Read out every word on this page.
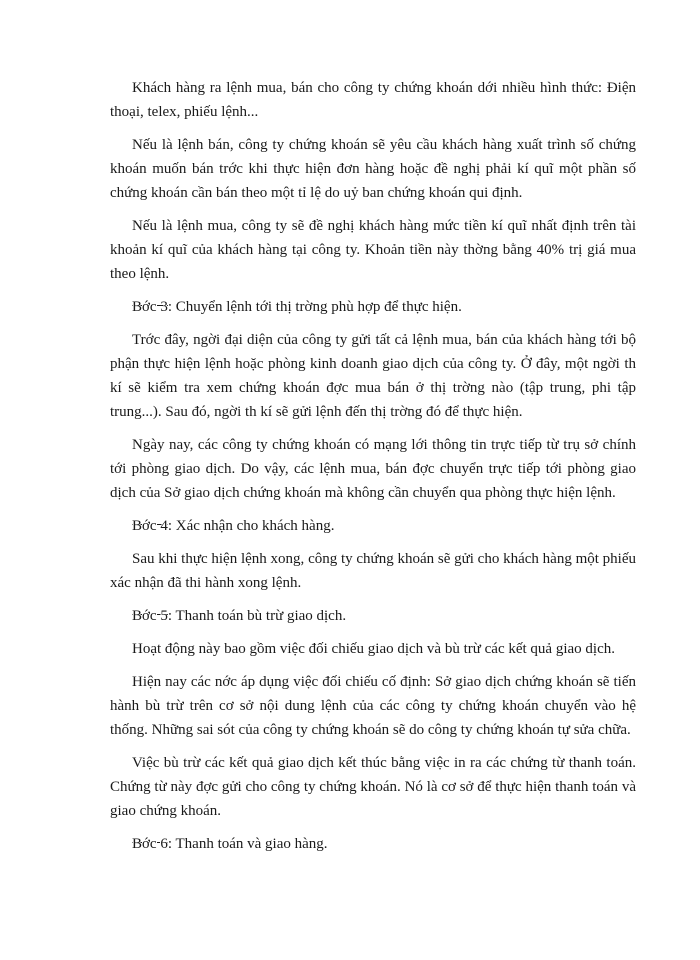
Khách hàng ra lệnh mua, bán cho công ty chứng khoán dới nhiều hình thức: Điện thoại, telex, phiếu lệnh...

Nếu là lệnh bán, công ty chứng khoán sẽ yêu cầu khách hàng xuất trình số chứng khoán muốn bán trớc khi thực hiện đơn hàng hoặc đề nghị phải kí quĩ một phần số chứng khoán cần bán theo một tỉ lệ do uỷ ban chứng khoán qui định.

Nếu là lệnh mua, công ty sẽ đề nghị khách hàng mức tiền kí quĩ nhất định trên tài khoản kí quĩ của khách hàng tại công ty. Khoản tiền này thờng bằng 40% trị giá mua theo lệnh.

Bớc 3: Chuyển lệnh tới thị trờng phù hợp để thực hiện.

Trớc đây, ngời đại diện của công ty gửi tất cả lệnh mua, bán của khách hàng tới bộ phận thực hiện lệnh hoặc phòng kinh doanh giao dịch của công ty. Ở đây, một ngời th kí sẽ kiểm tra xem chứng khoán đợc mua bán ở thị trờng nào (tập trung, phi tập trung...). Sau đó, ngời th kí sẽ gửi lệnh đến thị trờng đó để thực hiện.

Ngày nay, các công ty chứng khoán có mạng lới thông tin trực tiếp từ trụ sở chính tới phòng giao dịch. Do vậy, các lệnh mua, bán đợc chuyển trực tiếp tới phòng giao dịch của Sở giao dịch chứng khoán mà không cần chuyển qua phòng thực hiện lệnh.

Bớc 4: Xác nhận cho khách hàng.

Sau khi thực hiện lệnh xong, công ty chứng khoán sẽ gửi cho khách hàng một phiếu xác nhận đã thi hành xong lệnh.

Bớc 5: Thanh toán bù trừ giao dịch.

Hoạt động này bao gồm việc đối chiếu giao dịch và bù trừ các kết quả giao dịch.

Hiện nay các nớc áp dụng việc đối chiếu cố định: Sở giao dịch chứng khoán sẽ tiến hành bù trừ trên cơ sở nội dung lệnh của các công ty chứng khoán chuyển vào hệ thống. Những sai sót của công ty chứng khoán sẽ do công ty chứng khoán tự sửa chữa.

Việc bù trừ các kết quả giao dịch kết thúc bằng việc in ra các chứng từ thanh toán. Chứng từ này đợc gửi cho công ty chứng khoán. Nó là cơ sở để thực hiện thanh toán và giao chứng khoán.

Bớc 6: Thanh toán và giao hàng.
